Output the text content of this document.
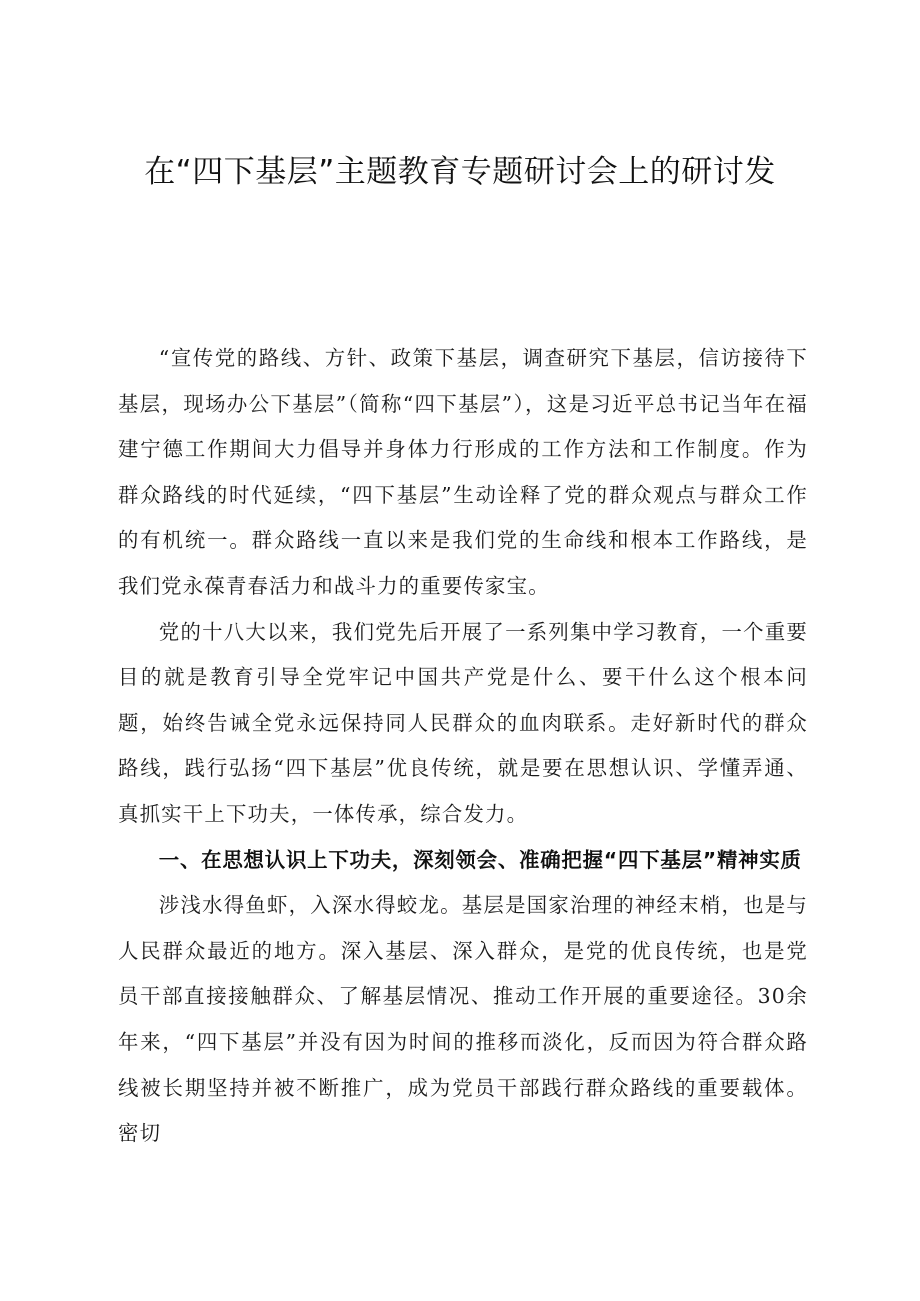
在“四下基层”主题教育专题研讨会上的研讨发

“宣传党的路线、方针、政策下基层，调查研究下基层，信访接待下基层，现场办公下基层”（简称“四下基层”），这是习近平总书记当年在福建宁德工作期间大力倡导并身体力行形成的工作方法和工作制度。作为群众路线的时代延续，“四下基层”生动诠释了党的群众观点与群众工作的有机统一。群众路线一直以来是我们党的生命线和根本工作路线，是我们党永葆青春活力和战斗力的重要传家宝。

党的十八大以来，我们党先后开展了一系列集中学习教育，一个重要目的就是教育引导全党牢记中国共产党是什么、要干什么这个根本问题，始终告诫全党永远保持同人民群众的血肉联系。走好新时代的群众路线，践行弘扬“四下基层”优良传统，就是要在思想认识、学懂弄通、真抓实干上下功夫，一体传承，综合发力。

一、在思想认识上下功夫，深刻领会、准确把握“四下基层”精神实质

涉浅水得鱼虾，入深水得蛟龙。基层是国家治理的神经末梢，也是与人民群众最近的地方。深入基层、深入群众，是党的优良传统，也是党员干部直接接触群众、了解基层情况、推动工作开展的重要途径。30余年来，“四下基层”并没有因为时间的推移而淡化，反而因为符合群众路线被长期坚持并被不断推广，成为党员干部践行群众路线的重要载体。密切
